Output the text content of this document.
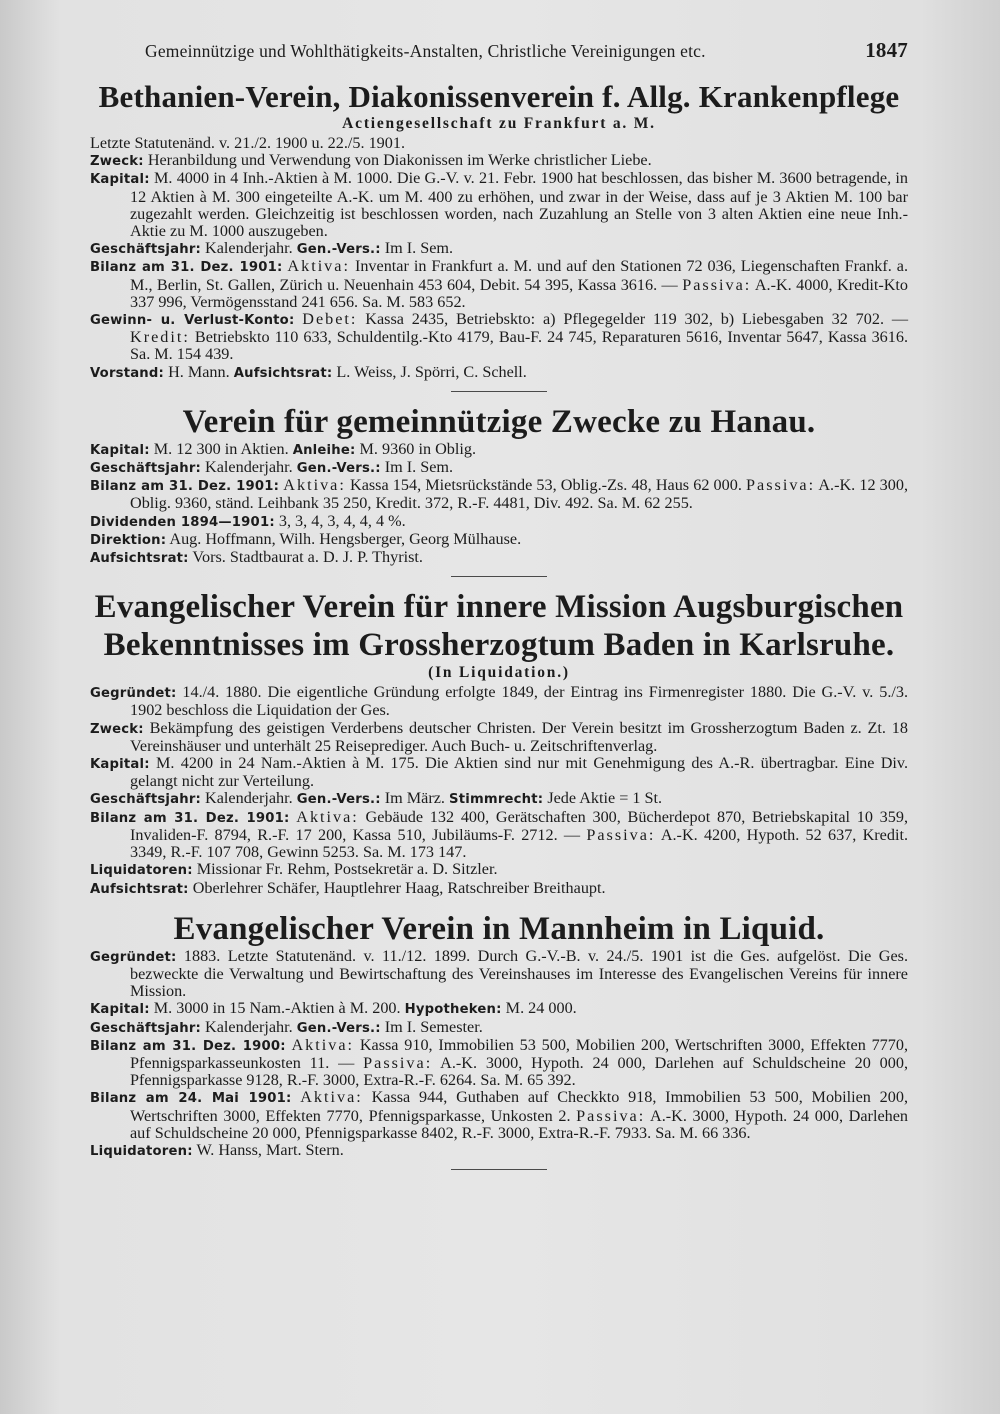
Gemeinnützige und Wohlthätigkeits-Anstalten, Christliche Vereinigungen etc.	1847
Bethanien-Verein, Diakonissenverein f. Allg. Krankenpflege
Actiengesellschaft zu Frankfurt a. M.

Letzte Statutenänd. v. 21./2. 1900 u. 22./5. 1901.

Zweck: Heranbildung und Verwendung von Diakonissen im Werke christlicher Liebe.

Kapital: M. 4000 in 4 Inh.-Aktien à M. 1000. Die G.-V. v. 21. Febr. 1900 hat beschlossen, das bisher M. 3600 betragende, in 12 Aktien à M. 300 eingeteilte A.-K. um M. 400 zu erhöhen, und zwar in der Weise, dass auf je 3 Aktien M. 100 bar zugezahlt werden. Gleichzeitig ist beschlossen worden, nach Zuzahlung an Stelle von 3 alten Aktien eine neue Inh.-Aktie zu M. 1000 auszugeben.

Geschäftsjahr: Kalenderjahr. Gen.-Vers.: Im I. Sem.

Bilanz am 31. Dez. 1901: Aktiva: Inventar in Frankfurt a. M. und auf den Stationen 72 036, Liegenschaften Frankf. a. M., Berlin, St. Gallen, Zürich u. Neuenhain 453 604, Debit. 54 395, Kassa 3616. — Passiva: A.-K. 4000, Kredit-Kto 337 996, Vermögensstand 241 656. Sa. M. 583 652.

Gewinn- u. Verlust-Konto: Debet: Kassa 2435, Betriebskto: a) Pflegegelder 119 302, b) Liebesgaben 32 702. — Kredit: Betriebskto 110 633, Schuldentilg.-Kto 4179, Bau-F. 24 745, Reparaturen 5616, Inventar 5647, Kassa 3616. Sa. M. 154 439.

Vorstand: H. Mann. Aufsichtsrat: L. Weiss, J. Spörri, C. Schell.

Verein für gemeinnützige Zwecke zu Hanau.

Kapital: M. 12 300 in Aktien. Anleihe: M. 9360 in Oblig.

Geschäftsjahr: Kalenderjahr. Gen.-Vers.: Im I. Sem.

Bilanz am 31. Dez. 1901: Aktiva: Kassa 154, Mietsrückstände 53, Oblig.-Zs. 48, Haus 62 000. Passiva: A.-K. 12 300, Oblig. 9360, ständ. Leihbank 35 250, Kredit. 372, R.-F. 4481, Div. 492. Sa. M. 62 255.

Dividenden 1894—1901: 3, 3, 4, 3, 4, 4, 4 %.

Direktion: Aug. Hoffmann, Wilh. Hengsberger, Georg Mülhause.

Aufsichtsrat: Vors. Stadtbaurat a. D. J. P. Thyrist.

Evangelischer Verein für innere Mission Augsburgischen
Bekenntnisses im Grossherzogtum Baden in Karlsruhe.
(In Liquidation.)

Gegründet: 14./4. 1880. Die eigentliche Gründung erfolgte 1849, der Eintrag ins Firmenregister 1880. Die G.-V. v. 5./3. 1902 beschloss die Liquidation der Ges.

Zweck: Bekämpfung des geistigen Verderbens deutscher Christen. Der Verein besitzt im Grossherzogtum Baden z. Zt. 18 Vereinshäuser und unterhält 25 Reiseprediger. Auch Buch- u. Zeitschriftenverlag.

Kapital: M. 4200 in 24 Nam.-Aktien à M. 175. Die Aktien sind nur mit Genehmigung des A.-R. übertragbar. Eine Div. gelangt nicht zur Verteilung.

Geschäftsjahr: Kalenderjahr. Gen.-Vers.: Im März. Stimmrecht: Jede Aktie = 1 St.

Bilanz am 31. Dez. 1901: Aktiva: Gebäude 132 400, Gerätschaften 300, Bücherdepot 870, Betriebskapital 10 359, Invaliden-F. 8794, R.-F. 17 200, Kassa 510, Jubiläums-F. 2712. — Passiva: A.-K. 4200, Hypoth. 52 637, Kredit. 3349, R.-F. 107 708, Gewinn 5253. Sa. M. 173 147.

Liquidatoren: Missionar Fr. Rehm, Postsekretär a. D. Sitzler.

Aufsichtsrat: Oberlehrer Schäfer, Hauptlehrer Haag, Ratschreiber Breithaupt.

Evangelischer Verein in Mannheim in Liquid.

Gegründet: 1883. Letzte Statutenänd. v. 11./12. 1899. Durch G.-V.-B. v. 24./5. 1901 ist die Ges. aufgelöst. Die Ges. bezweckte die Verwaltung und Bewirtschaftung des Vereinshauses im Interesse des Evangelischen Vereins für innere Mission.

Kapital: M. 3000 in 15 Nam.-Aktien à M. 200. Hypotheken: M. 24 000.

Geschäftsjahr: Kalenderjahr. Gen.-Vers.: Im I. Semester.

Bilanz am 31. Dez. 1900: Aktiva: Kassa 910, Immobilien 53 500, Mobilien 200, Wertschriften 3000, Effekten 7770, Pfennigsparkasseunkosten 11. — Passiva: A.-K. 3000, Hypoth. 24 000, Darlehen auf Schuldscheine 20 000, Pfennigsparkasse 9128, R.-F. 3000, Extra-R.-F. 6264. Sa. M. 65 392.

Bilanz am 24. Mai 1901: Aktiva: Kassa 944, Guthaben auf Checkkto 918, Immobilien 53 500, Mobilien 200, Wertschriften 3000, Effekten 7770, Pfennigsparkasse, Unkosten 2. Passiva: A.-K. 3000, Hypoth. 24 000, Darlehen auf Schuldscheine 20 000, Pfennigsparkasse 8402, R.-F. 3000, Extra-R.-F. 7933. Sa. M. 66 336.

Liquidatoren: W. Hanss, Mart. Stern.
